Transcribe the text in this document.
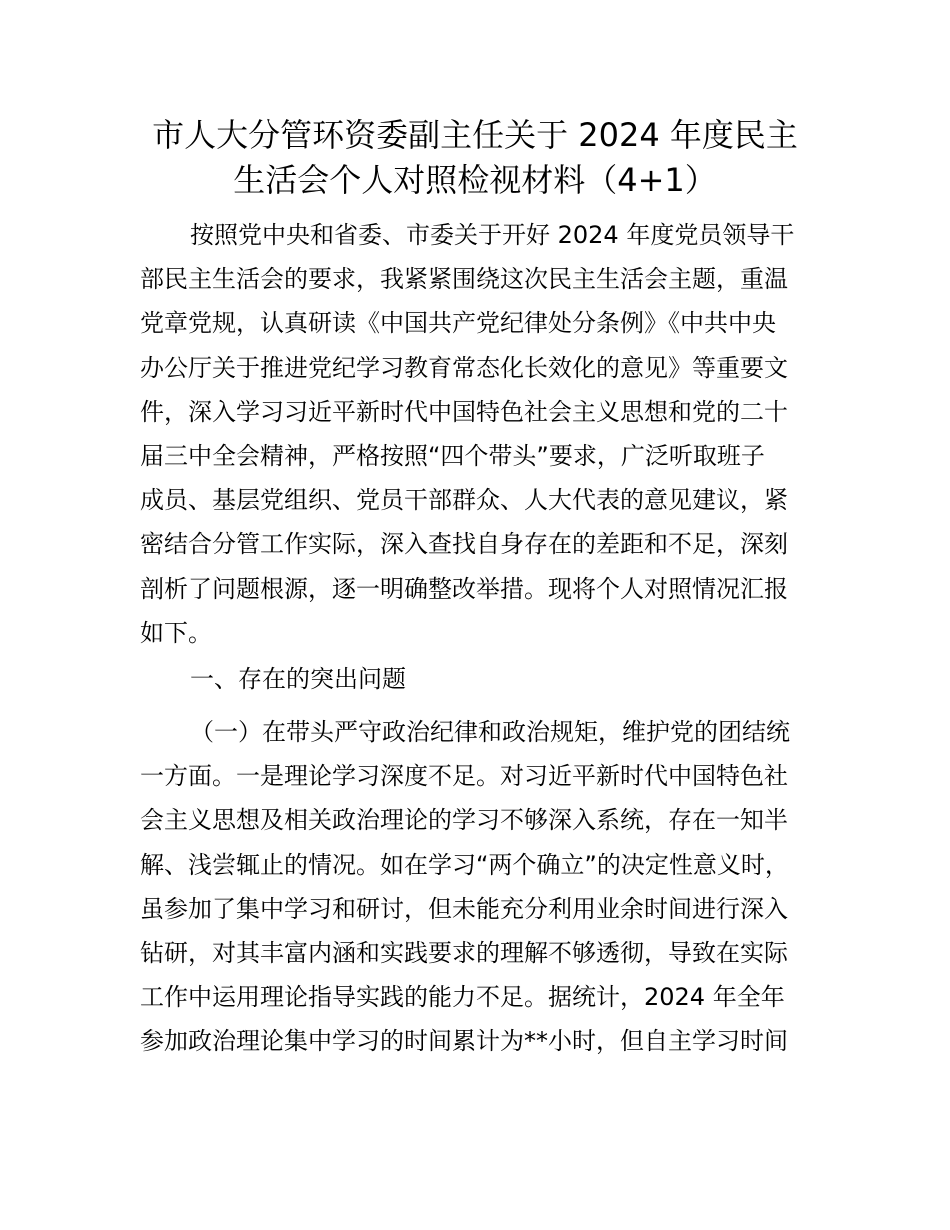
市人大分管环资委副主任关于 2024 年度民主
生活会个人对照检视材料（4+1）
按照党中央和省委、市委关于开好 2024 年度党员领导干
部民主生活会的要求，我紧紧围绕这次民主生活会主题，重温
党章党规，认真研读《中国共产党纪律处分条例》《中共中央
办公厅关于推进党纪学习教育常态化长效化的意见》等重要文
件，深入学习习近平新时代中国特色社会主义思想和党的二十
届三中全会精神，严格按照“四个带头”要求，广泛听取班子
成员、基层党组织、党员干部群众、人大代表的意见建议，紧
密结合分管工作实际，深入查找自身存在的差距和不足，深刻
剖析了问题根源，逐一明确整改举措。现将个人对照情况汇报
如下。
一、存在的突出问题
（一）在带头严守政治纪律和政治规矩，维护党的团结统
一方面。一是理论学习深度不足。对习近平新时代中国特色社
会主义思想及相关政治理论的学习不够深入系统，存在一知半
解、浅尝辄止的情况。如在学习“两个确立”的决定性意义时，
虽参加了集中学习和研讨，但未能充分利用业余时间进行深入
钻研，对其丰富内涵和实践要求的理解不够透彻，导致在实际
工作中运用理论指导实践的能力不足。据统计，2024 年全年
参加政治理论集中学习的时间累计为**小时，但自主学习时间
